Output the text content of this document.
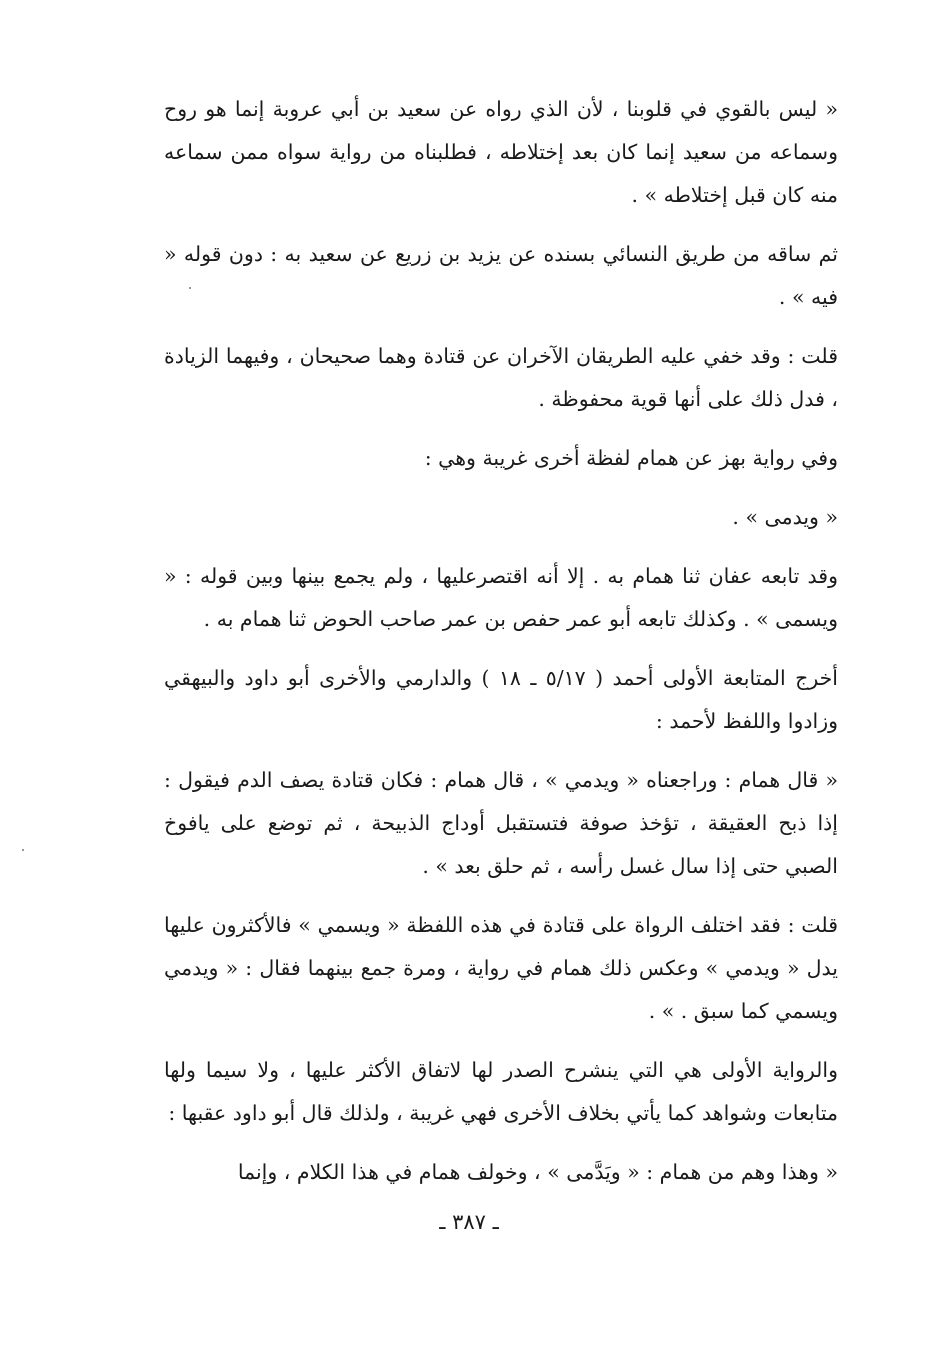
« ليس بالقوي في قلوبنا ، لأن الذي رواه عن سعيد بن أبي عروبة إنما هو روح وسماعه من سعيد إنما كان بعد إختلاطه ، فطلبناه من رواية سواه ممن سماعه منه كان قبل إختلاطه » .

ثم ساقه من طريق النسائي بسنده عن يزيد بن زريع عن سعيد به : دون قوله « فيه » .

قلت : وقد خفي عليه الطريقان الآخران عن قتادة وهما صحيحان ، وفيهما الزيادة ، فدل ذلك على أنها قوية محفوظة .

وفي رواية بهز عن همام لفظة أخرى غريبة وهي :

« ويدمى » .

وقد تابعه عفان ثنا همام به . إلا أنه اقتصرعليها ، ولم يجمع بينها وبين قوله : « ويسمى » . وكذلك تابعه أبو عمر حفص بن عمر صاحب الحوض ثنا همام به .

أخرج المتابعة الأولى أحمد ( ٥/١٧ ـ ١٨ ) والدارمي والأخرى أبو داود والبيهقي وزادوا واللفظ لأحمد :

« قال همام : وراجعناه « ويدمي » ، قال همام : فكان قتادة يصف الدم فيقول : إذا ذبح العقيقة ، تؤخذ صوفة فتستقبل أوداج الذبيحة ، ثم توضع على يافوخ الصبي حتى إذا سال غسل رأسه ، ثم حلق بعد » .

قلت : فقد اختلف الرواة على قتادة في هذه اللفظة « ويسمي » فالأكثرون عليها يدل « ويدمي » وعكس ذلك همام في رواية ، ومرة جمع بينهما فقال : « ويدمي ويسمي كما سبق . » .

والرواية الأولى هي التي ينشرح الصدر لها لاتفاق الأكثر عليها ، ولا سيما ولها متابعات وشواهد كما يأتي بخلاف الأخرى فهي غريبة ، ولذلك قال أبو داود عقبها :

« وهذا وهم من همام : « ويَدَّمى » ، وخولف همام في هذا الكلام ، وإنما

ـ ٣٨٧ ـ
